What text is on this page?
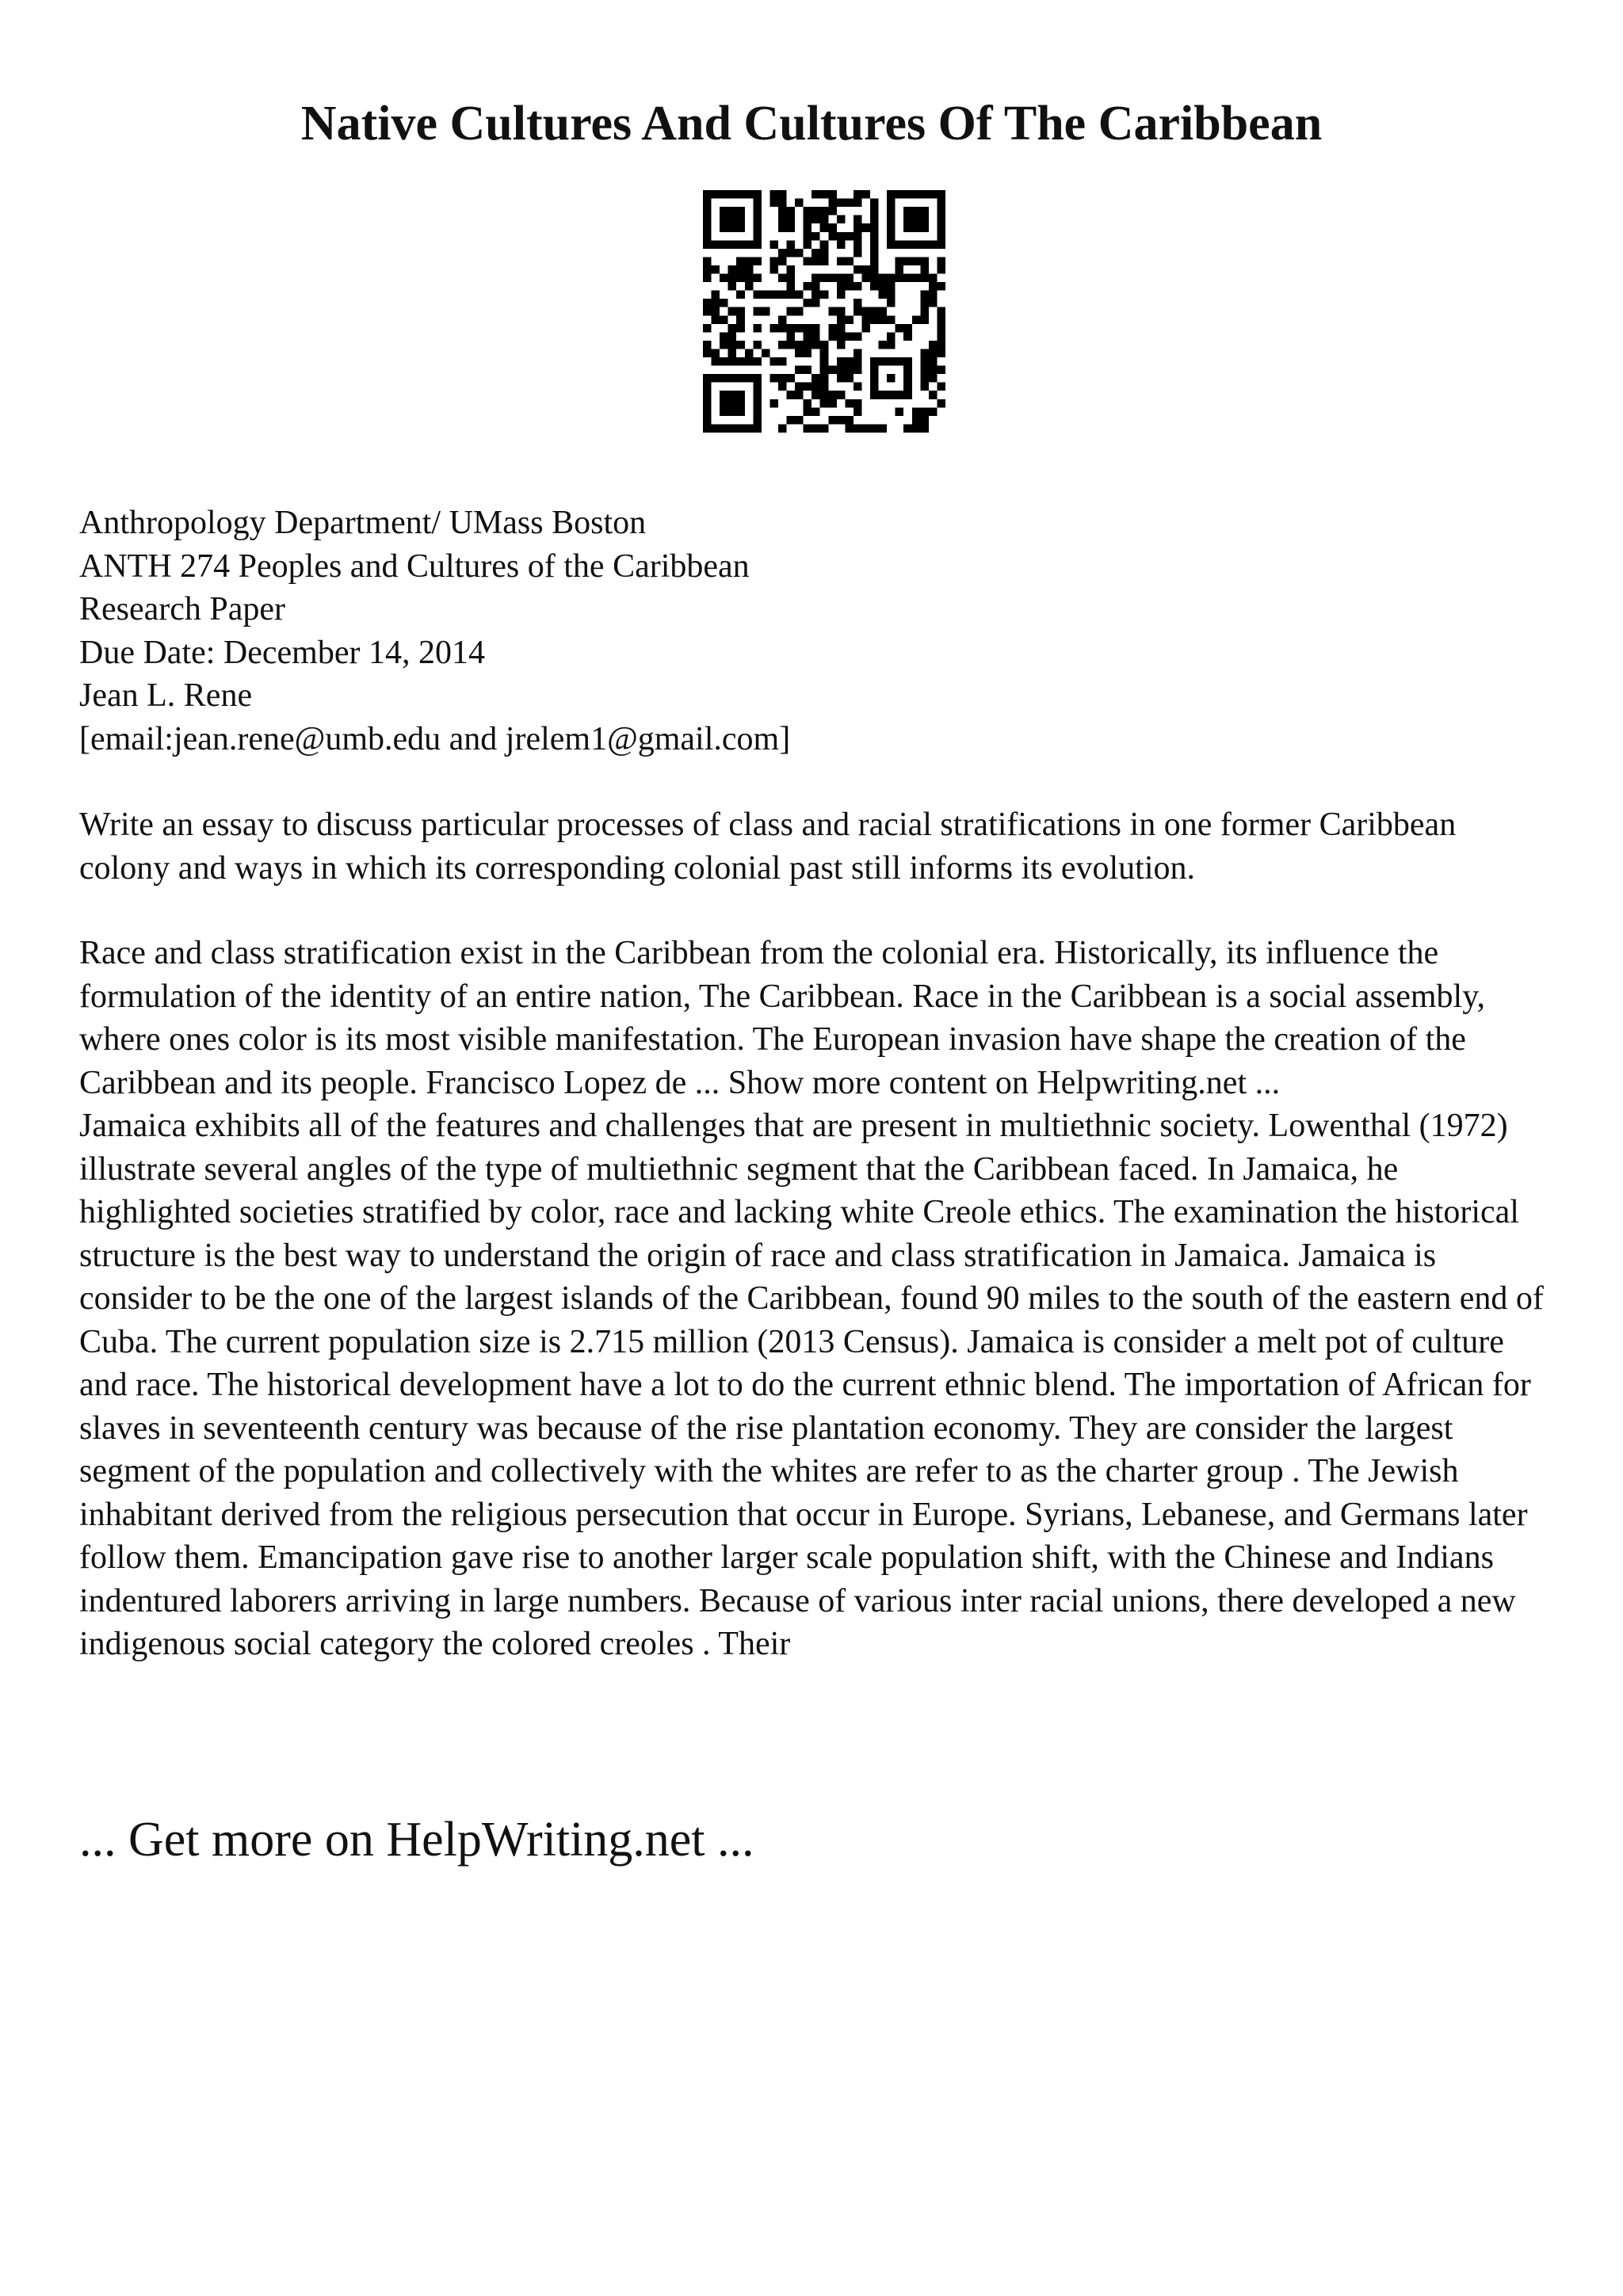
Native Cultures And Cultures Of The Caribbean
Anthropology Department/ UMass Boston
ANTH 274 Peoples and Cultures of the Caribbean
Research Paper
Due Date: December 14, 2014
Jean L. Rene
[email:jean.rene@umb.edu and jrelem1@gmail.com]

Write an essay to discuss particular processes of class and racial stratifications in one former Caribbean colony and ways in which its corresponding colonial past still informs its evolution.

Race and class stratification exist in the Caribbean from the colonial era. Historically, its influence the formulation of the identity of an entire nation, The Caribbean. Race in the Caribbean is a social assembly, where ones color is its most visible manifestation. The European invasion have shape the creation of the Caribbean and its people. Francisco Lopez de ... Show more content on Helpwriting.net ...

Jamaica exhibits all of the features and challenges that are present in multiethnic society. Lowenthal (1972) illustrate several angles of the type of multiethnic segment that the Caribbean faced. In Jamaica, he highlighted societies stratified by color, race and lacking white Creole ethics. The examination the historical structure is the best way to understand the origin of race and class stratification in Jamaica. Jamaica is consider to be the one of the largest islands of the Caribbean, found 90 miles to the south of the eastern end of Cuba. The current population size is 2.715 million (2013 Census). Jamaica is consider a melt pot of culture and race. The historical development have a lot to do the current ethnic blend. The importation of African for slaves in seventeenth century was because of the rise plantation economy. They are consider the largest segment of the population and collectively with the whites are refer to as the charter group . The Jewish inhabitant derived from the religious persecution that occur in Europe. Syrians, Lebanese, and Germans later follow them. Emancipation gave rise to another larger scale population shift, with the Chinese and Indians indentured laborers arriving in large numbers. Because of various inter racial unions, there developed a new indigenous social category the colored creoles . Their

... Get more on HelpWriting.net ...
